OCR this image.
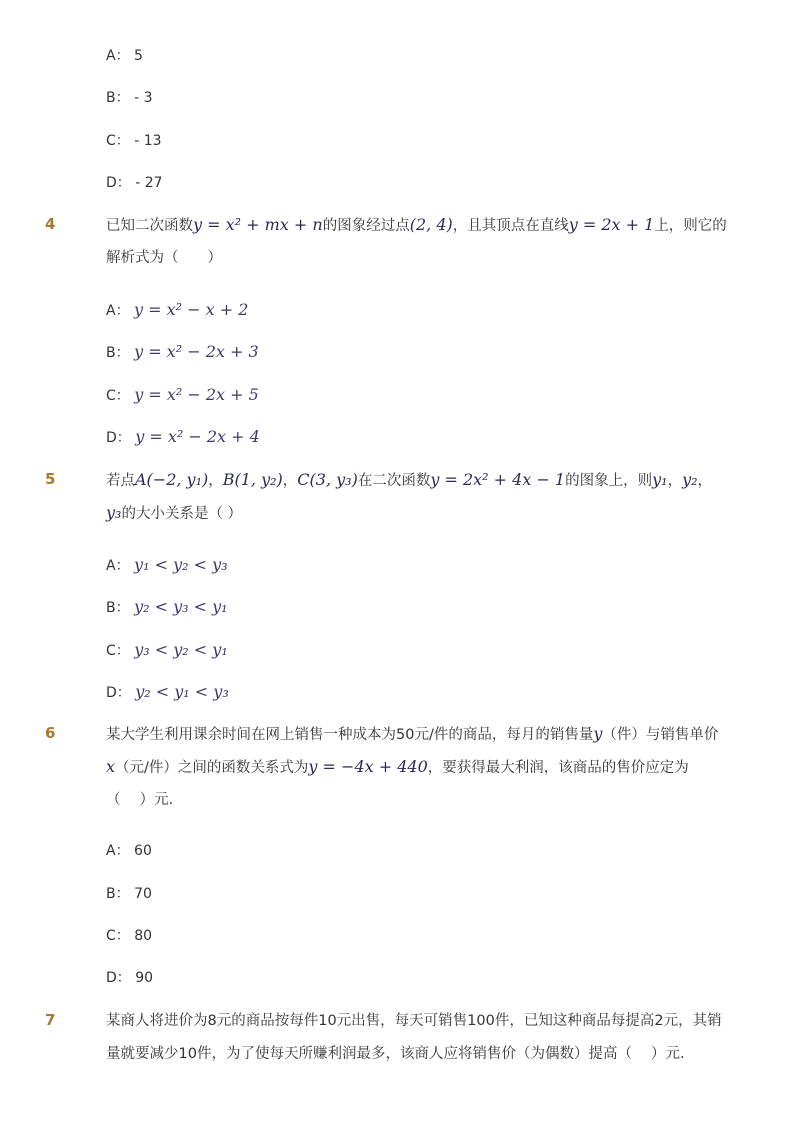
A： 5
B： - 3
C： - 13
D： - 27
4	已知二次函数y = x² + mx + n的图象经过点(2, 4)，且其顶点在直线y = 2x + 1上，则它的
解析式为（　　）
A： y = x² − x + 2
B： y = x² − 2x + 3
C： y = x² − 2x + 5
D： y = x² − 2x + 4
5	若点A(−2, y₁)，B(1, y₂)，C(3, y₃)在二次函数y = 2x² + 4x − 1的图象上，则y₁，y₂，
y₃的大小关系是（ ）
A： y₁ < y₂ < y₃
B： y₂ < y₃ < y₁
C： y₃ < y₂ < y₁
D： y₂ < y₁ < y₃
6	某大学生利用课余时间在网上销售一种成本为50元/件的商品，每月的销售量y（件）与销售单价
x（元/件）之间的函数关系式为y = −4x + 440，要获得最大利润，该商品的售价应定为
（　 ）元．
A： 60
B： 70
C： 80
D： 90
7	某商人将进价为8元的商品按每件10元出售，每天可销售100件，已知这种商品每提高2元，其销
量就要减少10件，为了使每天所赚利润最多，该商人应将销售价（为偶数）提高（　 ）元．
